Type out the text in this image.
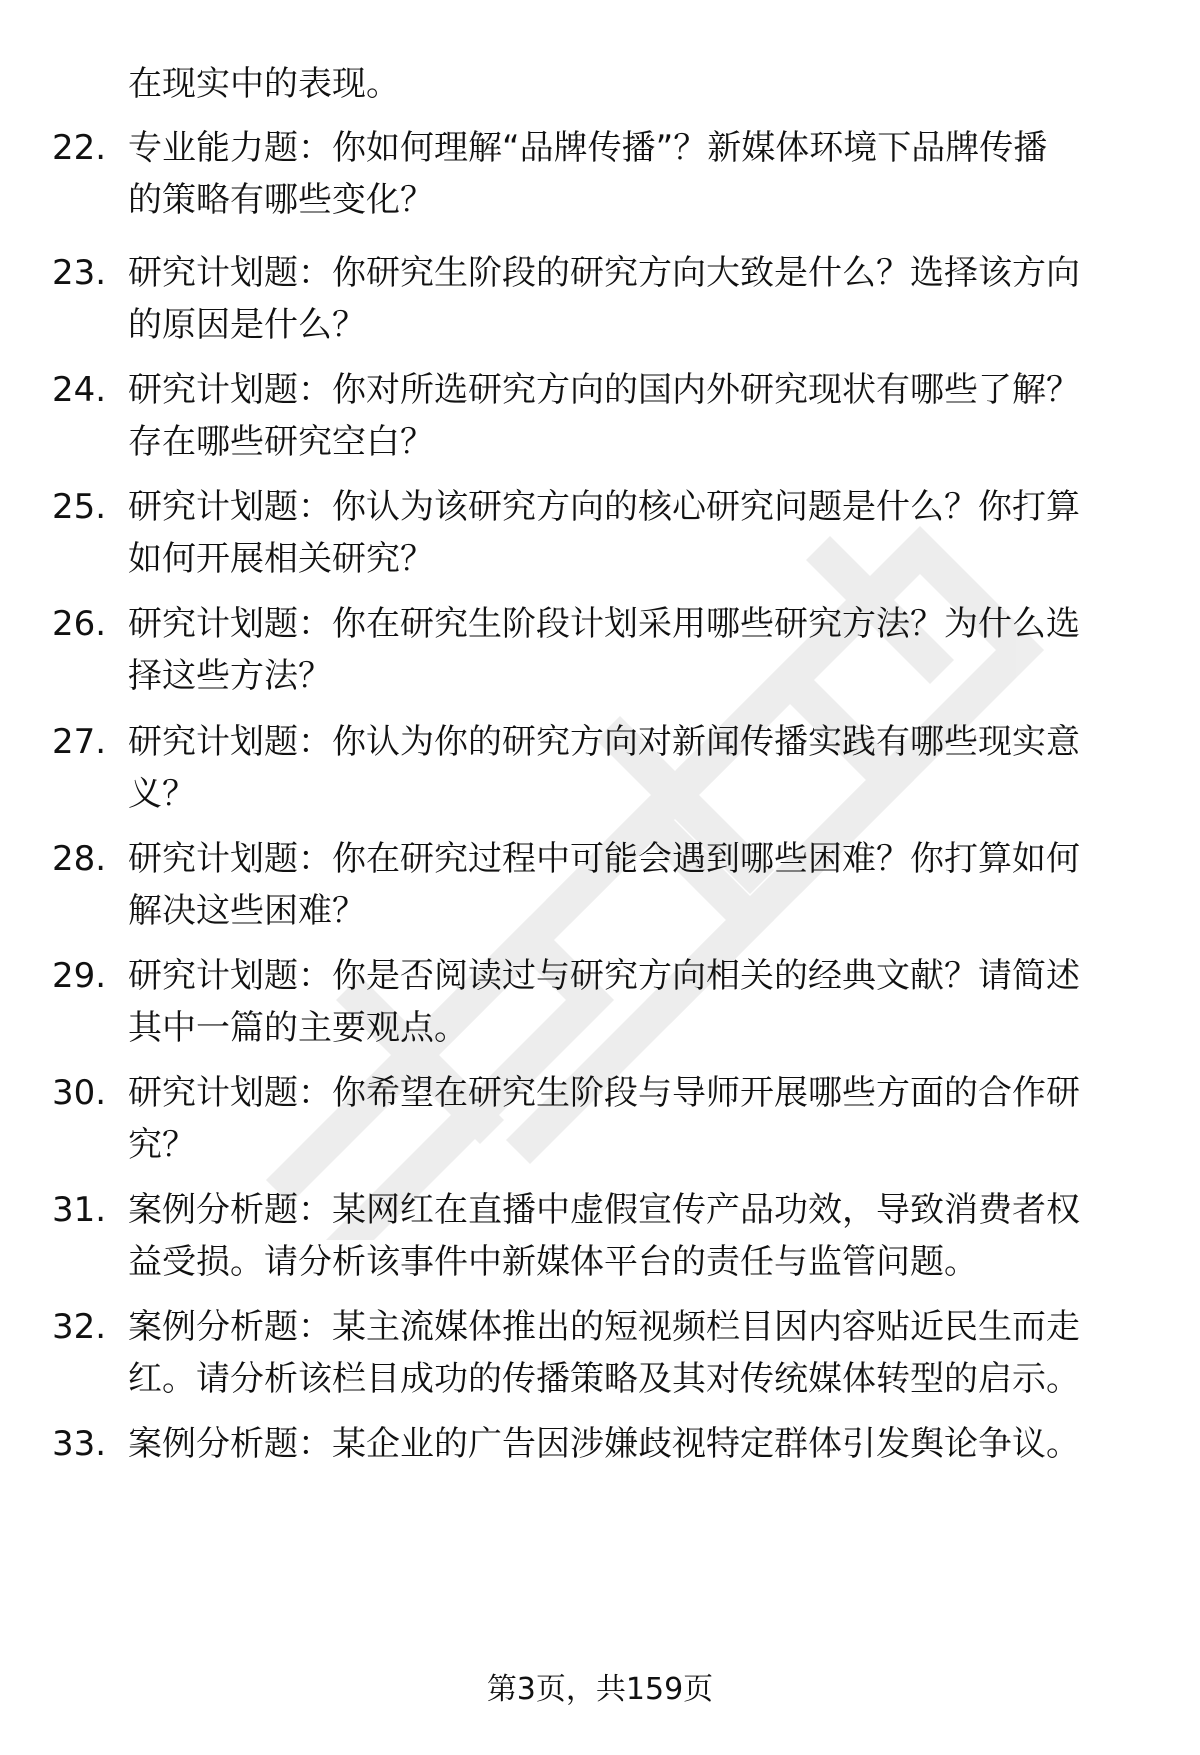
在现实中的表现。
22. 专业能力题：你如何理解“品牌传播”？新媒体环境下品牌传播
的策略有哪些变化？
23. 研究计划题：你研究生阶段的研究方向大致是什么？选择该方向
的原因是什么？
24. 研究计划题：你对所选研究方向的国内外研究现状有哪些了解？
存在哪些研究空白？
25. 研究计划题：你认为该研究方向的核心研究问题是什么？你打算
如何开展相关研究？
26. 研究计划题：你在研究生阶段计划采用哪些研究方法？为什么选
择这些方法？
27. 研究计划题：你认为你的研究方向对新闻传播实践有哪些现实意
义？
28. 研究计划题：你在研究过程中可能会遇到哪些困难？你打算如何
解决这些困难？
29. 研究计划题：你是否阅读过与研究方向相关的经典文献？请简述
其中一篇的主要观点。
30. 研究计划题：你希望在研究生阶段与导师开展哪些方面的合作研
究？
31. 案例分析题：某网红在直播中虚假宣传产品功效，导致消费者权
益受损。请分析该事件中新媒体平台的责任与监管问题。
32. 案例分析题：某主流媒体推出的短视频栏目因内容贴近民生而走
红。请分析该栏目成功的传播策略及其对传统媒体转型的启示。
33. 案例分析题：某企业的广告因涉嫌歧视特定群体引发舆论争议。
第3页，共159页
